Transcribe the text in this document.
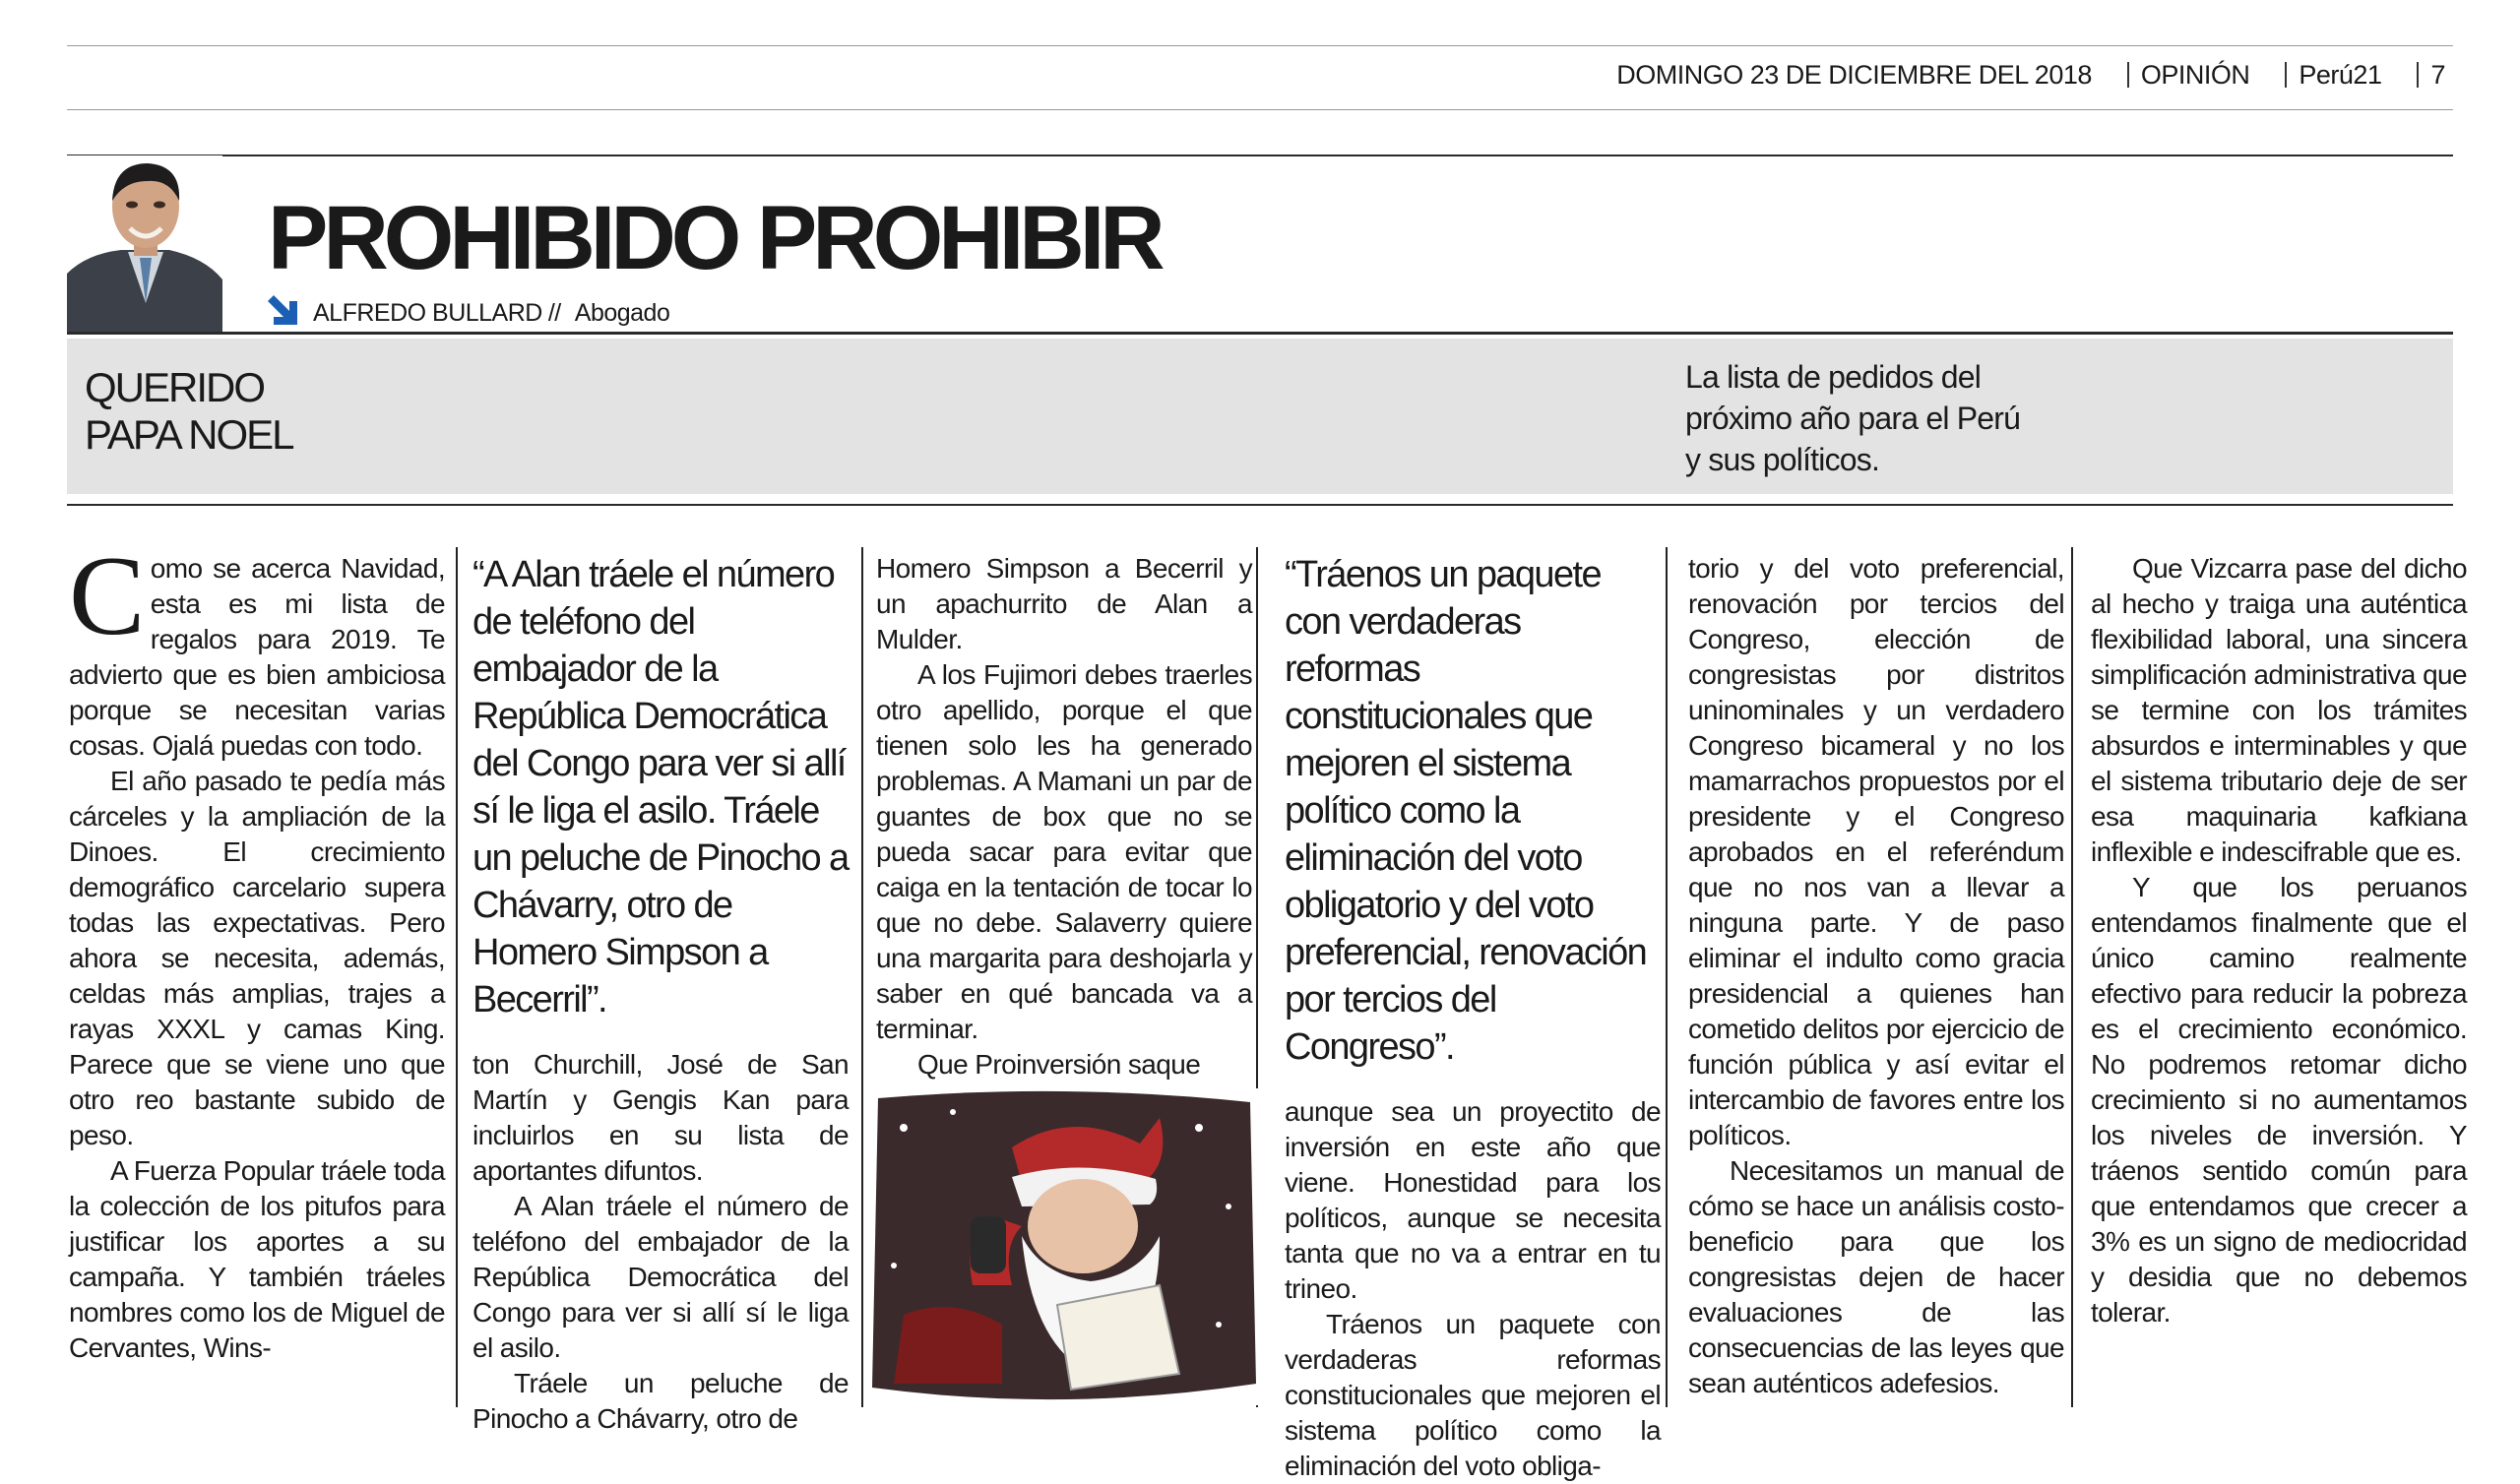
DOMINGO 23 DE DICIEMBRE DEL 2018 OPINIÓN Perú21 7
PROHIBIDO PROHIBIR
ALFREDO BULLARD // Abogado
QUERIDO
PAPA NOEL
La lista de pedidos del
próximo año para el Perú
y sus políticos.

Como se acerca Navidad, esta es mi lista de regalos para 2019. Te advierto que es bien ambiciosa porque se necesitan varias cosas. Ojalá puedas con todo.

El año pasado te pedía más cárceles y la ampliación de la Dinoes. El crecimiento demográfico carcelario supera todas las expectativas. Pero ahora se necesita, además, celdas más amplias, trajes a rayas XXXL y camas King. Parece que se viene uno que otro reo bastante subido de peso.

A Fuerza Popular tráele toda la colección de los pitufos para justificar los aportes a su campaña. Y también tráeles nombres como los de Miguel de Cervantes, Wins-

“A Alan tráele el número de teléfono del embajador de la República Democrática del Congo para ver si allí sí le liga el asilo. Tráele un peluche de Pinocho a Chávarry, otro de Homero Simpson a Becerril”.

ton Churchill, José de San Martín y Gengis Kan para incluirlos en su lista de aportantes difuntos.

A Alan tráele el número de teléfono del embajador de la República Democrática del Congo para ver si allí sí le liga el asilo.

Tráele un peluche de Pinocho a Chávarry, otro de

Homero Simpson a Becerril y un apachurrito de Alan a Mulder.

A los Fujimori debes traerles otro apellido, porque el que tienen solo les ha generado problemas. A Mamani un par de guantes de box que no se pueda sacar para evitar que caiga en la tentación de tocar lo que no debe. Salaverry quiere una margarita para deshojarla y saber en qué bancada va a terminar.

Que Proinversión saque

“Tráenos un paquete con verdaderas reformas constitucionales que mejoren el sistema político como la eliminación del voto obligatorio y del voto preferencial, renovación por tercios del Congreso”.

aunque sea un proyectito de inversión en este año que viene. Honestidad para los políticos, aunque se necesita tanta que no va a entrar en tu trineo.

Tráenos un paquete con verdaderas reformas constitucionales que mejoren el sistema político como la eliminación del voto obliga-

torio y del voto preferencial, renovación por tercios del Congreso, elección de congresistas por distritos uninominales y un verdadero Congreso bicameral y no los mamarrachos propuestos por el presidente y el Congreso aprobados en el referéndum que no nos van a llevar a ninguna parte. Y de paso eliminar el indulto como gracia presidencial a quienes han cometido delitos por ejercicio de función pública y así evitar el intercambio de favores entre los políticos.

Necesitamos un manual de cómo se hace un análisis costo-beneficio para que los congresistas dejen de hacer evaluaciones de las consecuencias de las leyes que sean auténticos adefesios.

Que Vizcarra pase del dicho al hecho y traiga una auténtica flexibilidad laboral, una sincera simplificación administrativa que se termine con los trámites absurdos e interminables y que el sistema tributario deje de ser esa maquinaria kafkiana inflexible e indescifrable que es.

Y que los peruanos entendamos finalmente que el único camino realmente efectivo para reducir la pobreza es el crecimiento económico. No podremos retomar dicho crecimiento si no aumentamos los niveles de inversión. Y tráenos sentido común para que entendamos que crecer a 3% es un signo de mediocridad y desidia que no debemos tolerar.
